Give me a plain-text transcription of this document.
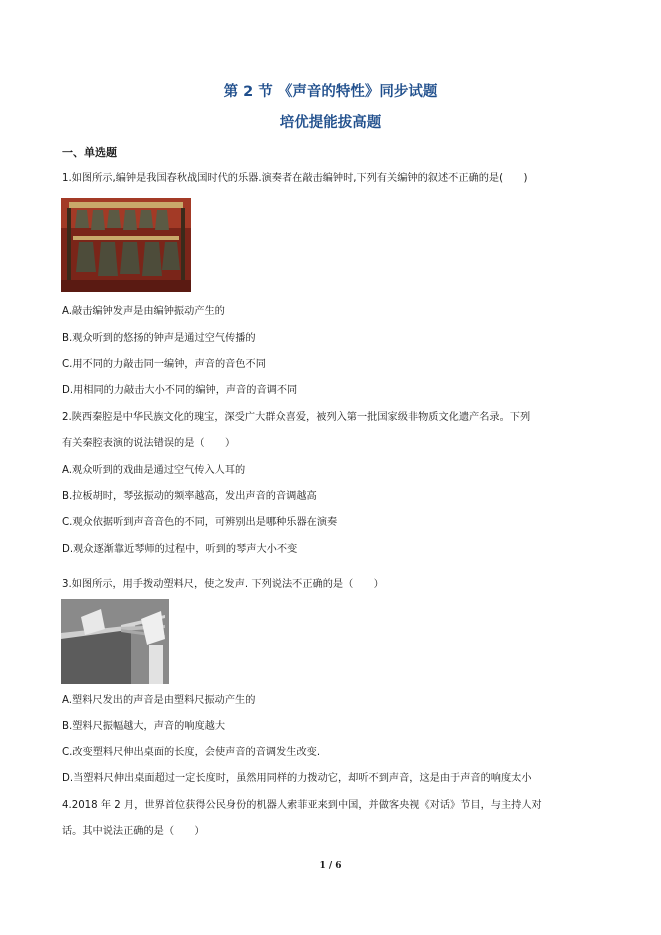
第 2 节 《声音的特性》同步试题
培优提能拔高题
一、单选题
1.如图所示,编钟是我国春秋战国时代的乐器.演奏者在敲击编钟时,下列有关编钟的叙述不正确的是(　　)
A.敲击编钟发声是由编钟振动产生的
B.观众听到的悠扬的钟声是通过空气传播的
C.用不同的力敲击同一编钟，声音的音色不同
D.用相同的力敲击大小不同的编钟，声音的音调不同
2.陕西秦腔是中华民族文化的瑰宝，深受广大群众喜爱，被列入第一批国家级非物质文化遗产名录。下列
有关秦腔表演的说法错误的是（　　）
A.观众听到的戏曲是通过空气传入人耳的
B.拉板胡时，琴弦振动的频率越高，发出声音的音调越高
C.观众依据听到声音音色的不同，可辨别出是哪种乐器在演奏
D.观众逐渐靠近琴师的过程中，听到的琴声大小不变
3.如图所示，用手拨动塑料尺，使之发声. 下列说法不正确的是（　　）
A.塑料尺发出的声音是由塑料尺振动产生的
B.塑料尺振幅越大，声音的响度越大
C.改变塑料尺伸出桌面的长度，会使声音的音调发生改变.
D.当塑料尺伸出桌面超过一定长度时，虽然用同样的力拨动它，却听不到声音，这是由于声音的响度太小
4.2018 年 2 月，世界首位获得公民身份的机器人索菲亚来到中国，并做客央视《对话》节目，与主持人对
话。其中说法正确的是（　　）
1 / 6
